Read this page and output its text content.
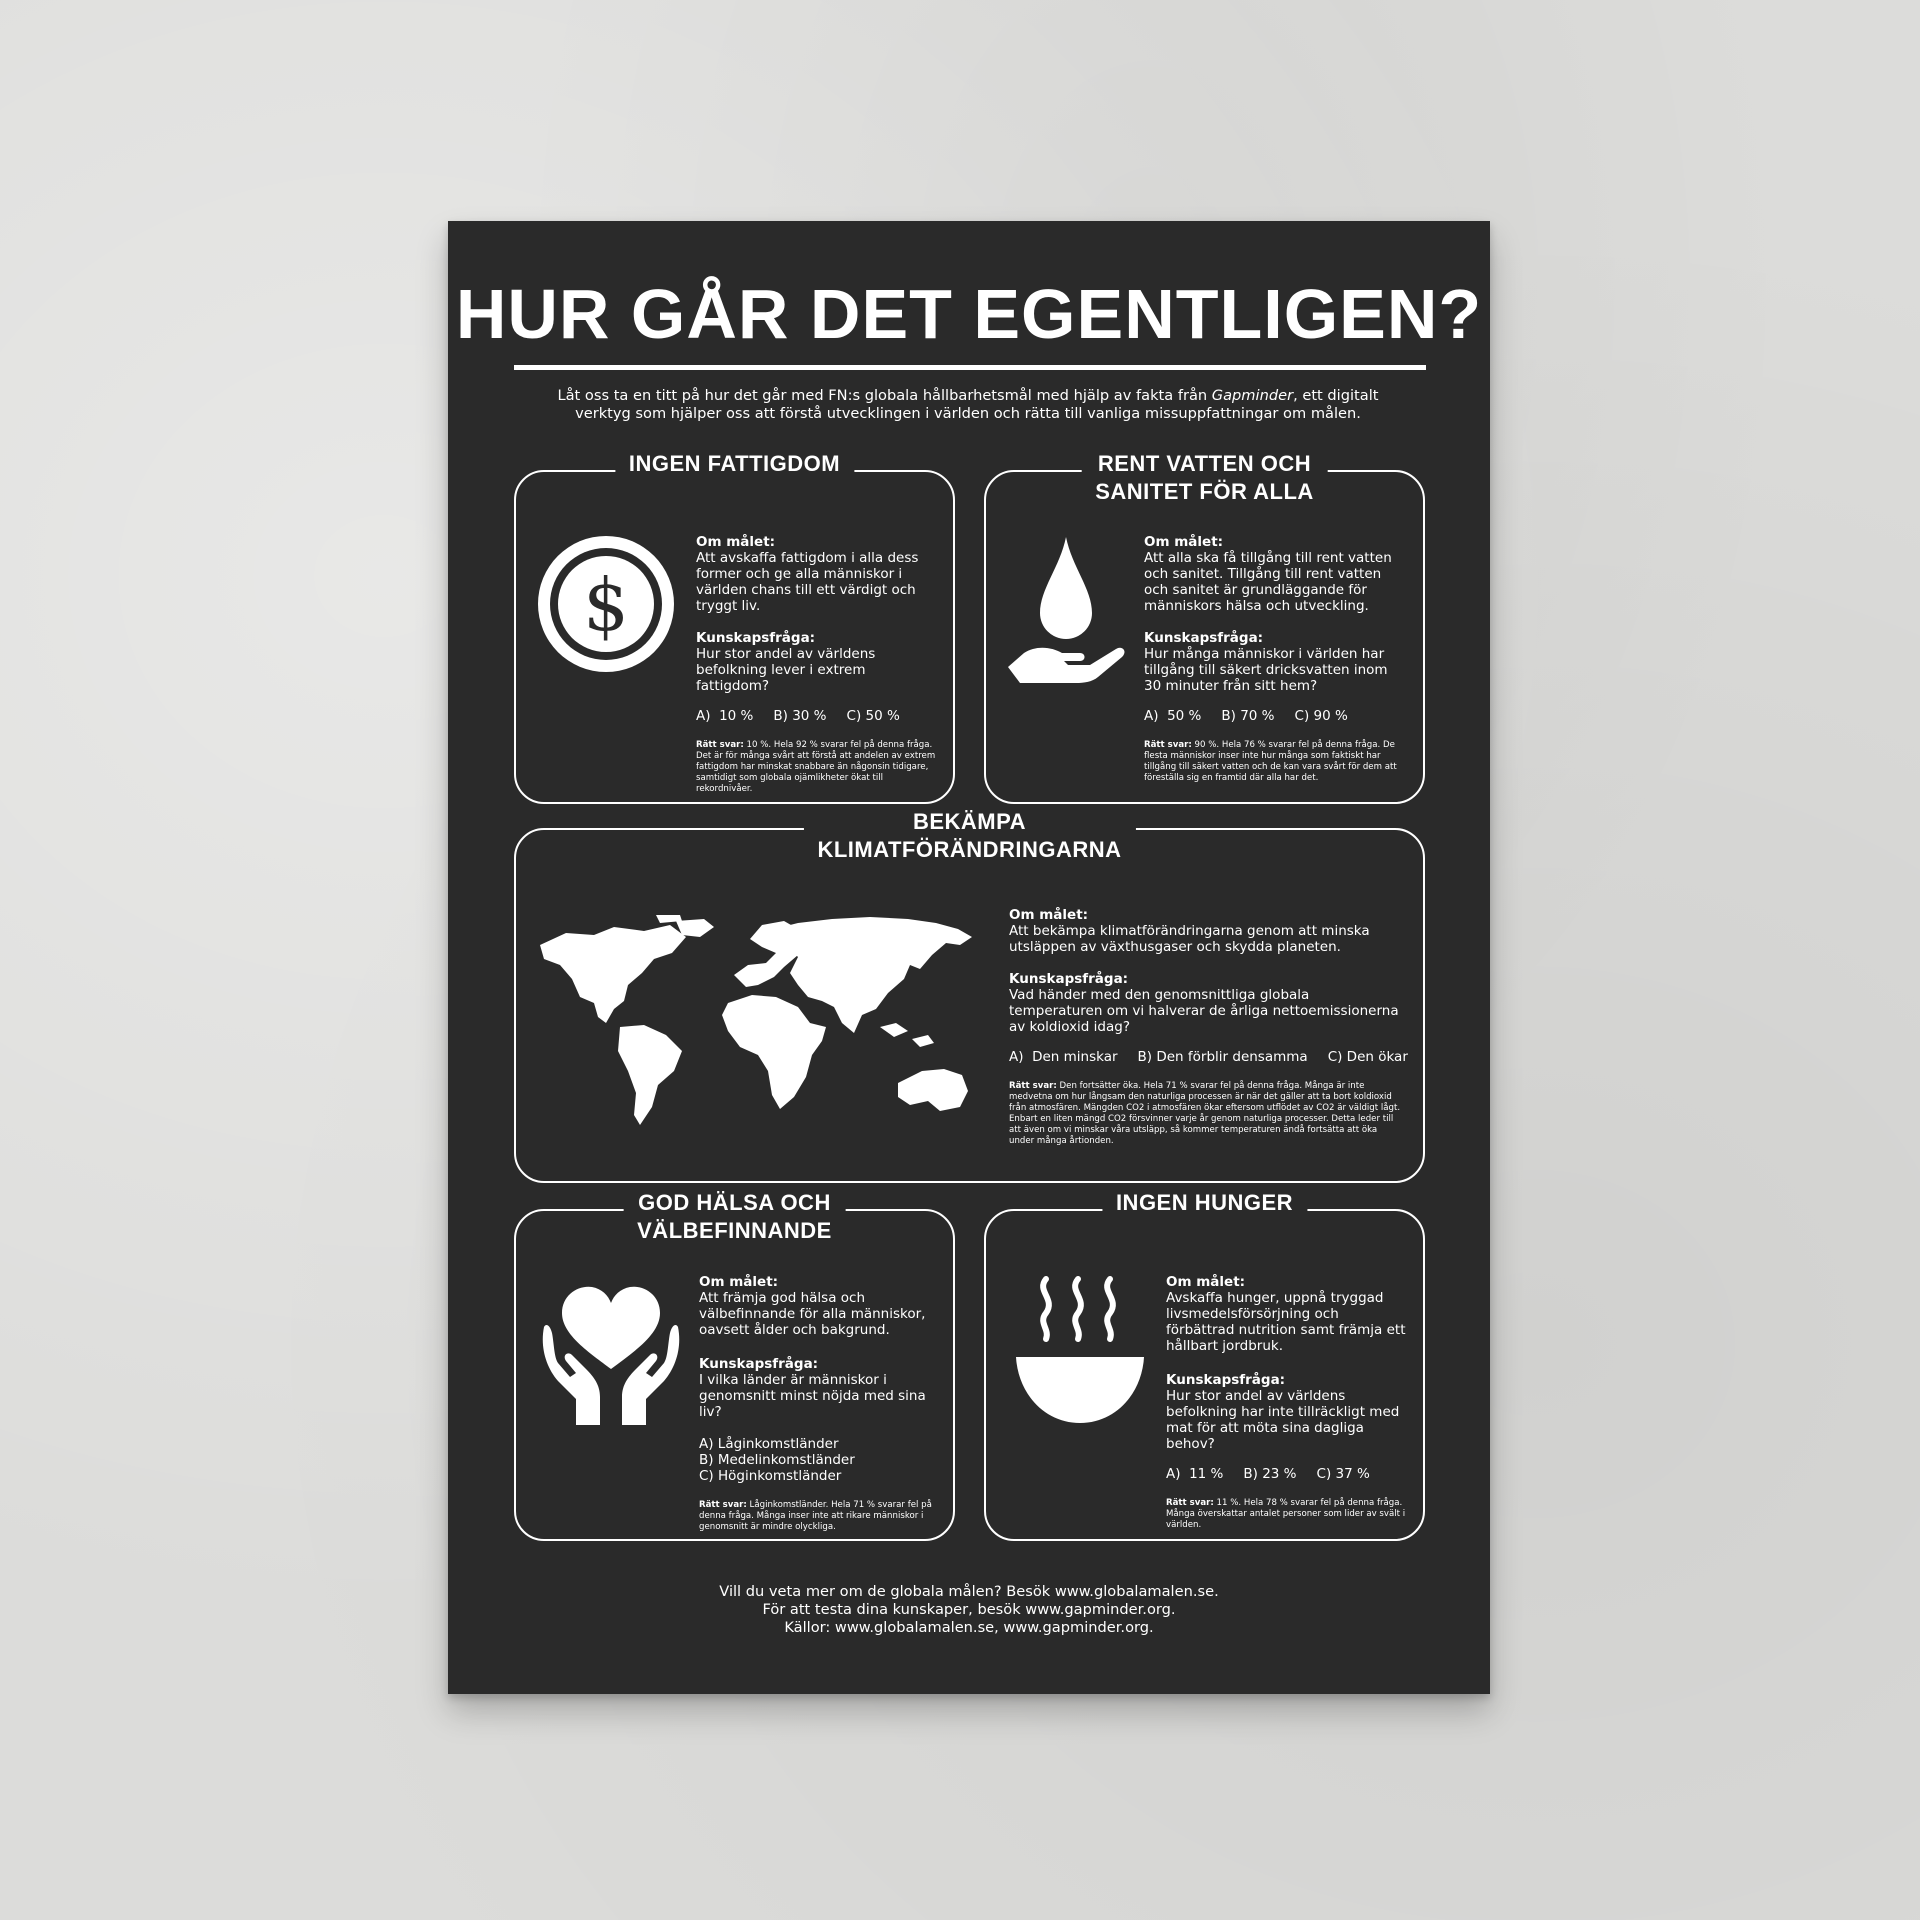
HUR GÅR DET EGENTLIGEN?
Låt oss ta en titt på hur det går med FN:s globala hållbarhetsmål med hjälp av fakta från Gapminder, ett digitalt verktyg som hjälper oss att förstå utvecklingen i världen och rätta till vanliga missuppfattningar om målen.
INGEN FATTIGDOM
$
Om målet:
Att avskaffa fattigdom i alla dess former och ge alla människor i världen chans till ett värdigt och tryggt liv.
Kunskapsfråga:
Hur stor andel av världens befolkning lever i extrem fattigdom?
A)  10 % B) 30 % C) 50 %
Rätt svar: 10 %. Hela 92 % svarar fel på denna fråga. Det är för många svårt att förstå att andelen av extrem fattigdom har minskat snabbare än någonsin tidigare, samtidigt som globala ojämlikheter ökat till rekordnivåer.
RENT VATTEN OCH
SANITET FÖR ALLA
Om målet:
Att alla ska få tillgång till rent vatten och sanitet. Tillgång till rent vatten och sanitet är grundläggande för människors hälsa och utveckling.
Kunskapsfråga:
Hur många människor i världen har tillgång till säkert dricksvatten inom 30 minuter från sitt hem?
A)  50 % B) 70 % C) 90 %
Rätt svar: 90 %. Hela 76 % svarar fel på denna fråga. De flesta människor inser inte hur många som faktiskt har tillgång till säkert vatten och de kan vara svårt för dem att föreställa sig en framtid där alla har det.
BEKÄMPA
KLIMATFÖRÄNDRINGARNA
Om målet:
Att bekämpa klimatförändringarna genom att minska utsläppen av växthusgaser och skydda planeten.
Kunskapsfråga:
Vad händer med den genomsnittliga globala temperaturen om vi halverar de årliga nettoemissionerna av koldioxid idag?
A)  Den minskar B) Den förblir densamma C) Den ökar
Rätt svar: Den fortsätter öka. Hela 71 % svarar fel på denna fråga. Många är inte medvetna om hur långsam den naturliga processen är när det gäller att ta bort koldioxid från atmosfären. Mängden CO2 i atmosfären ökar eftersom utflödet av CO2 är väldigt lågt. Enbart en liten mängd CO2 försvinner varje år genom naturliga processer. Detta leder till att även om vi minskar våra utsläpp, så kommer temperaturen ändå fortsätta att öka under många årtionden.
GOD HÄLSA OCH
VÄLBEFINNANDE
Om målet:
Att främja god hälsa och välbefinnande för alla människor, oavsett ålder och bakgrund.
Kunskapsfråga:
I vilka länder är människor i genomsnitt minst nöjda med sina liv?
A) Låginkomstländer
B) Medelinkomstländer
C) Höginkomstländer
Rätt svar: Låginkomstländer. Hela 71 % svarar fel på denna fråga. Många inser inte att rikare människor i genomsnitt är mindre olyckliga.
INGEN HUNGER
Om målet:
Avskaffa hunger, uppnå tryggad livsmedelsförsörjning och förbättrad nutrition samt främja ett hållbart jordbruk.
Kunskapsfråga:
Hur stor andel av världens befolkning har inte tillräckligt med mat för att möta sina dagliga behov?
A)  11 % B) 23 % C) 37 %
Rätt svar: 11 %. Hela 78 % svarar fel på denna fråga. Många överskattar antalet personer som lider av svält i världen.
Vill du veta mer om de globala målen? Besök www.globalamalen.se.
För att testa dina kunskaper, besök www.gapminder.org.
Källor: www.globalamalen.se, www.gapminder.org.
